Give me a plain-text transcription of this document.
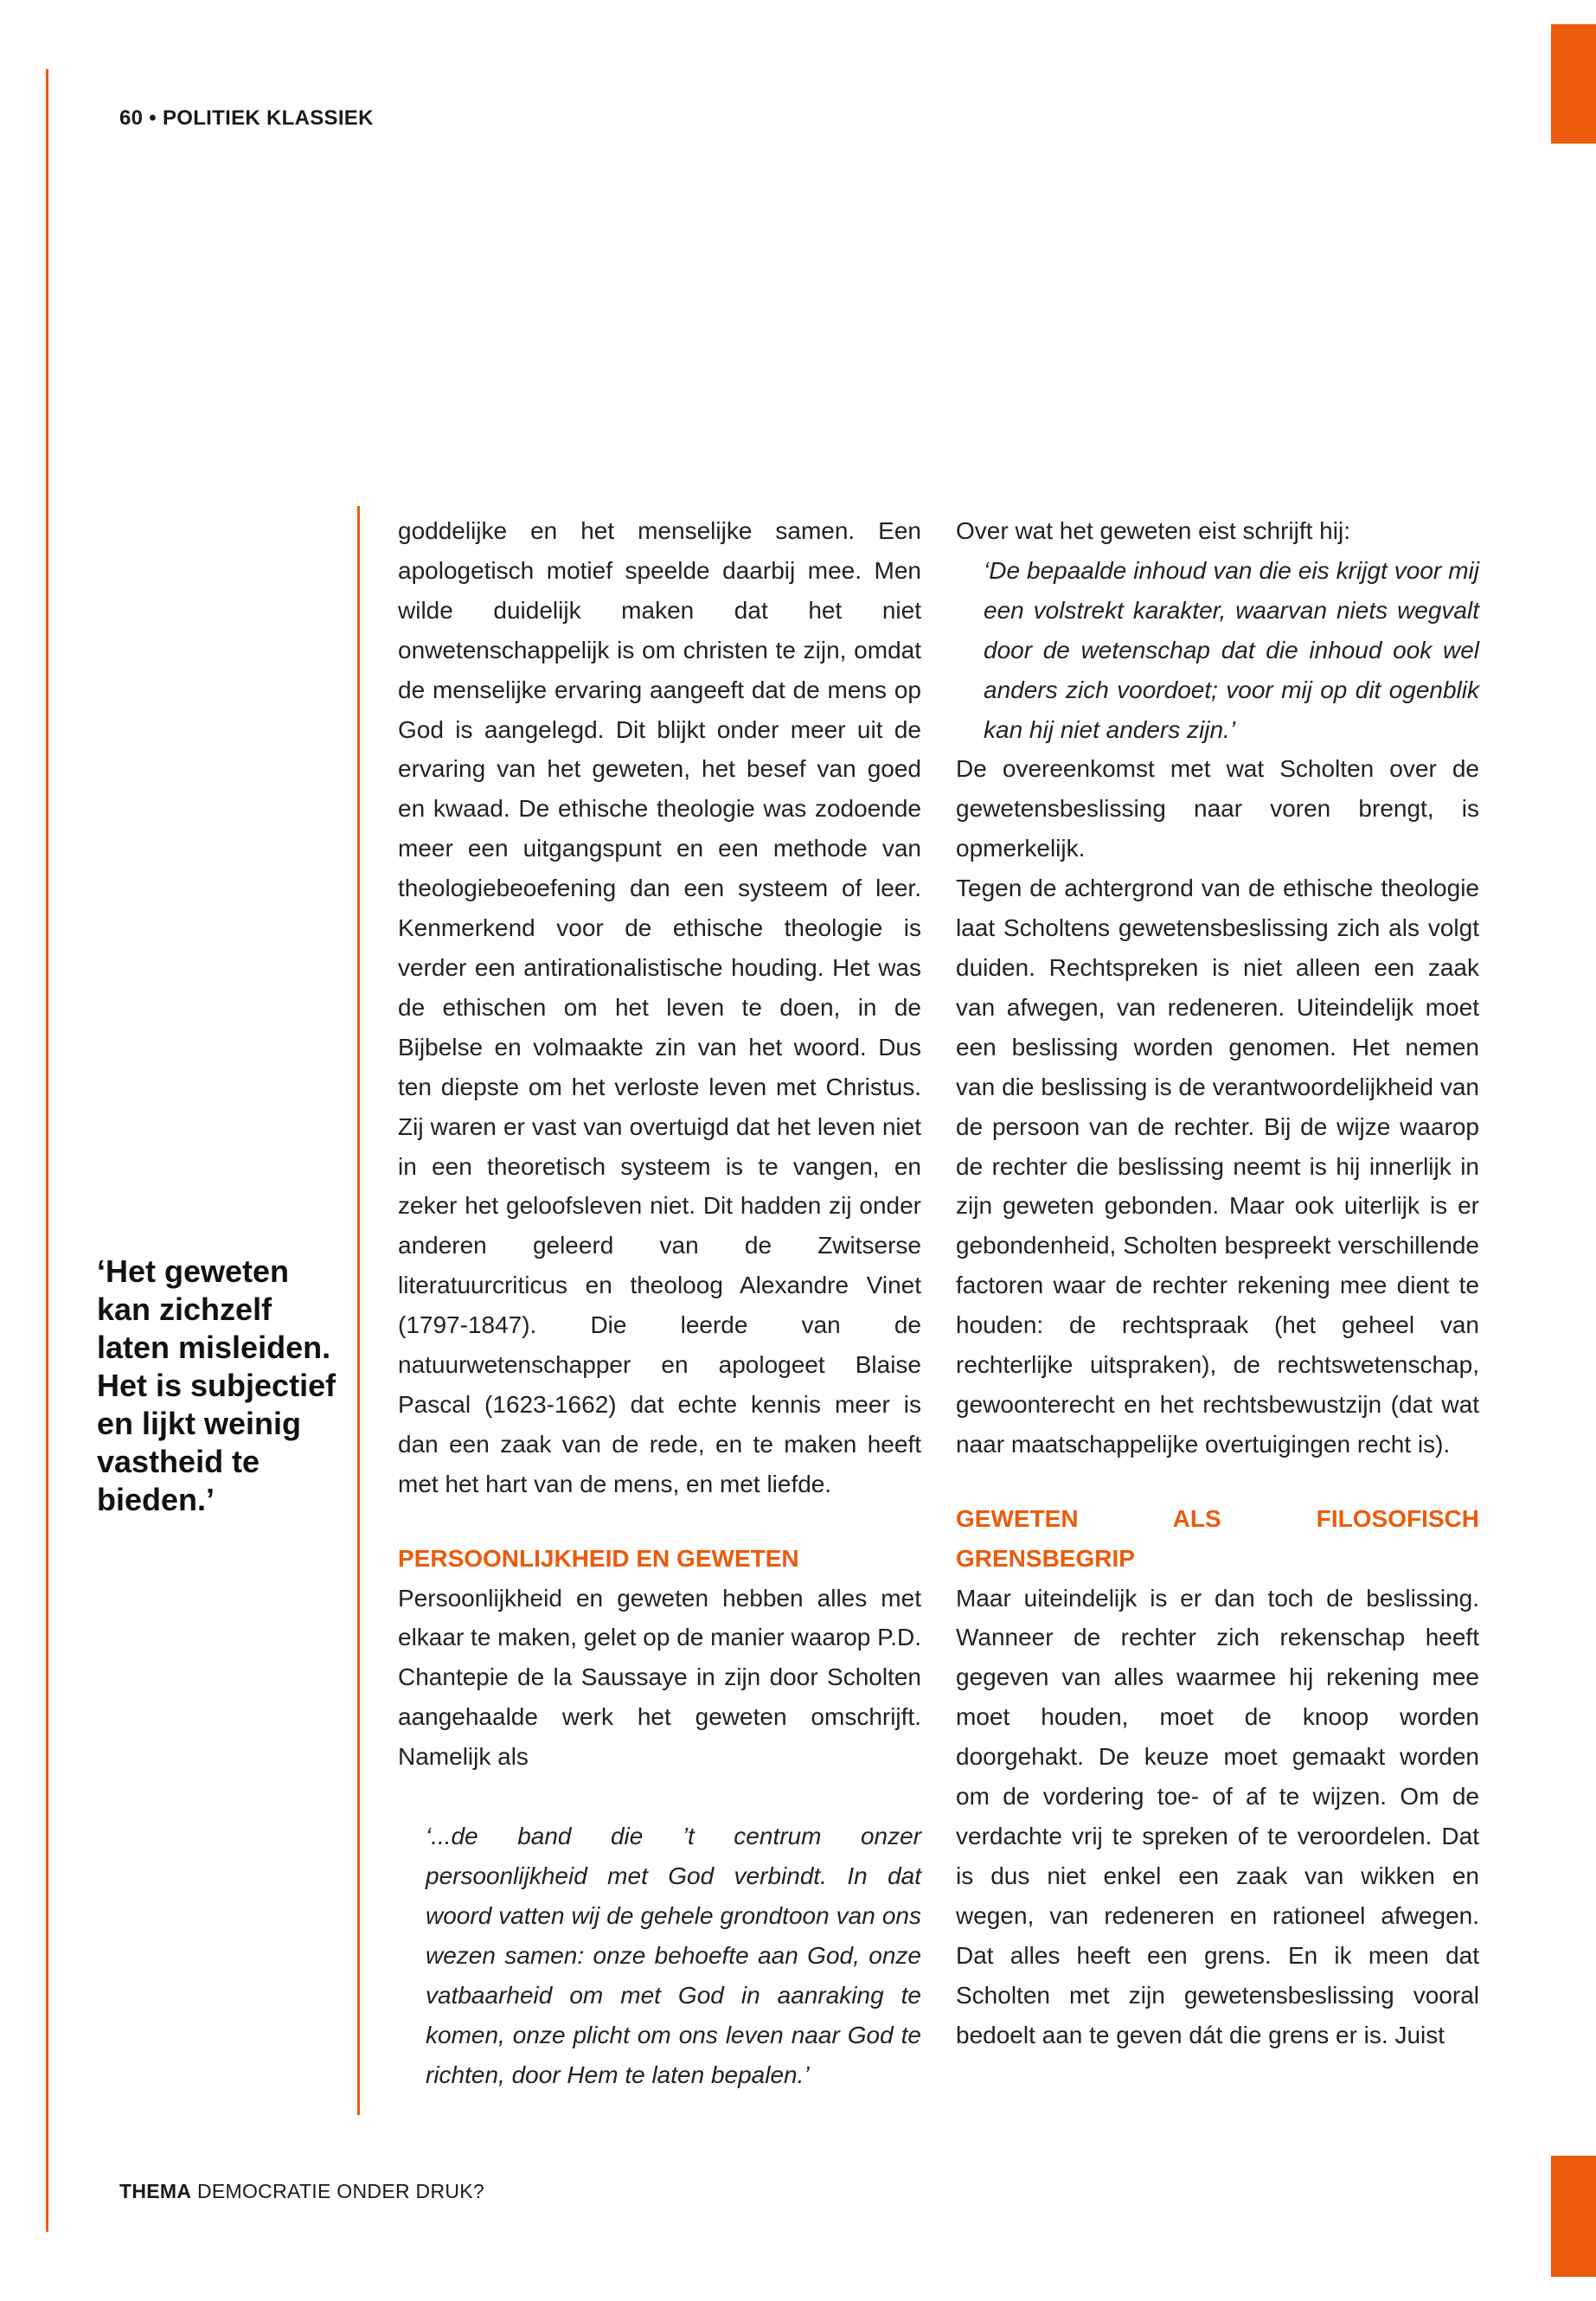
60 • POLITIEK KLASSIEK
‘Het geweten kan zichzelf laten misleiden. Het is subjectief en lijkt weinig vastheid te bieden.’

goddelijke en het menselijke samen. Een apologetisch motief speelde daarbij mee. Men wilde duidelijk maken dat het niet onwetenschappelijk is om christen te zijn, omdat de menselijke ervaring aangeeft dat de mens op God is aangelegd. Dit blijkt onder meer uit de ervaring van het geweten, het besef van goed en kwaad. De ethische theologie was zodoende meer een uitgangspunt en een methode van theologiebeoefening dan een systeem of leer. Kenmerkend voor de ethische theologie is verder een antirationalistische houding. Het was de ethischen om het leven te doen, in de Bijbelse en volmaakte zin van het woord. Dus ten diepste om het verloste leven met Christus. Zij waren er vast van overtuigd dat het leven niet in een theoretisch systeem is te vangen, en zeker het geloofsleven niet. Dit hadden zij onder anderen geleerd van de Zwitserse literatuurcriticus en theoloog Alexandre Vinet (1797-1847). Die leerde van de natuurwetenschapper en apologeet Blaise Pascal (1623-1662) dat echte kennis meer is dan een zaak van de rede, en te maken heeft met het hart van de mens, en met liefde.

PERSOONLIJKHEID EN GEWETEN

Persoonlijkheid en geweten hebben alles met elkaar te maken, gelet op de manier waarop P.D. Chantepie de la Saussaye in zijn door Scholten aangehaalde werk het geweten omschrijft. Namelijk als

‘...de band die ’t centrum onzer persoonlijkheid met God verbindt. In dat woord vatten wij de gehele grondtoon van ons wezen samen: onze behoefte aan God, onze vatbaarheid om met God in aanraking te komen, onze plicht om ons leven naar God te richten, door Hem te laten bepalen.’

Over wat het geweten eist schrijft hij:

‘De bepaalde inhoud van die eis krijgt voor mij een volstrekt karakter, waarvan niets wegvalt door de wetenschap dat die inhoud ook wel anders zich voordoet; voor mij op dit ogenblik kan hij niet anders zijn.’

De overeenkomst met wat Scholten over de gewetensbeslissing naar voren brengt, is opmerkelijk.

Tegen de achtergrond van de ethische theologie laat Scholtens gewetensbeslissing zich als volgt duiden. Rechtspreken is niet alleen een zaak van afwegen, van redeneren. Uiteindelijk moet een beslissing worden genomen. Het nemen van die beslissing is de verantwoordelijkheid van de persoon van de rechter. Bij de wijze waarop de rechter die beslissing neemt is hij innerlijk in zijn geweten gebonden. Maar ook uiterlijk is er gebondenheid, Scholten bespreekt verschillende factoren waar de rechter rekening mee dient te houden: de rechtspraak (het geheel van rechterlijke uitspraken), de rechtswetenschap, gewoonterecht en het rechtsbewustzijn (dat wat naar maatschappelijke overtuigingen recht is).

GEWETEN ALS FILOSOFISCH GRENSBEGRIP

Maar uiteindelijk is er dan toch de beslissing. Wanneer de rechter zich rekenschap heeft gegeven van alles waarmee hij rekening mee moet houden, moet de knoop worden doorgehakt. De keuze moet gemaakt worden om de vordering toe- of af te wijzen. Om de verdachte vrij te spreken of te veroordelen. Dat is dus niet enkel een zaak van wikken en wegen, van redeneren en rationeel afwegen. Dat alles heeft een grens. En ik meen dat Scholten met zijn gewetensbeslissing vooral bedoelt aan te geven dát die grens er is. Juist

THEMA DEMOCRATIE ONDER DRUK?
